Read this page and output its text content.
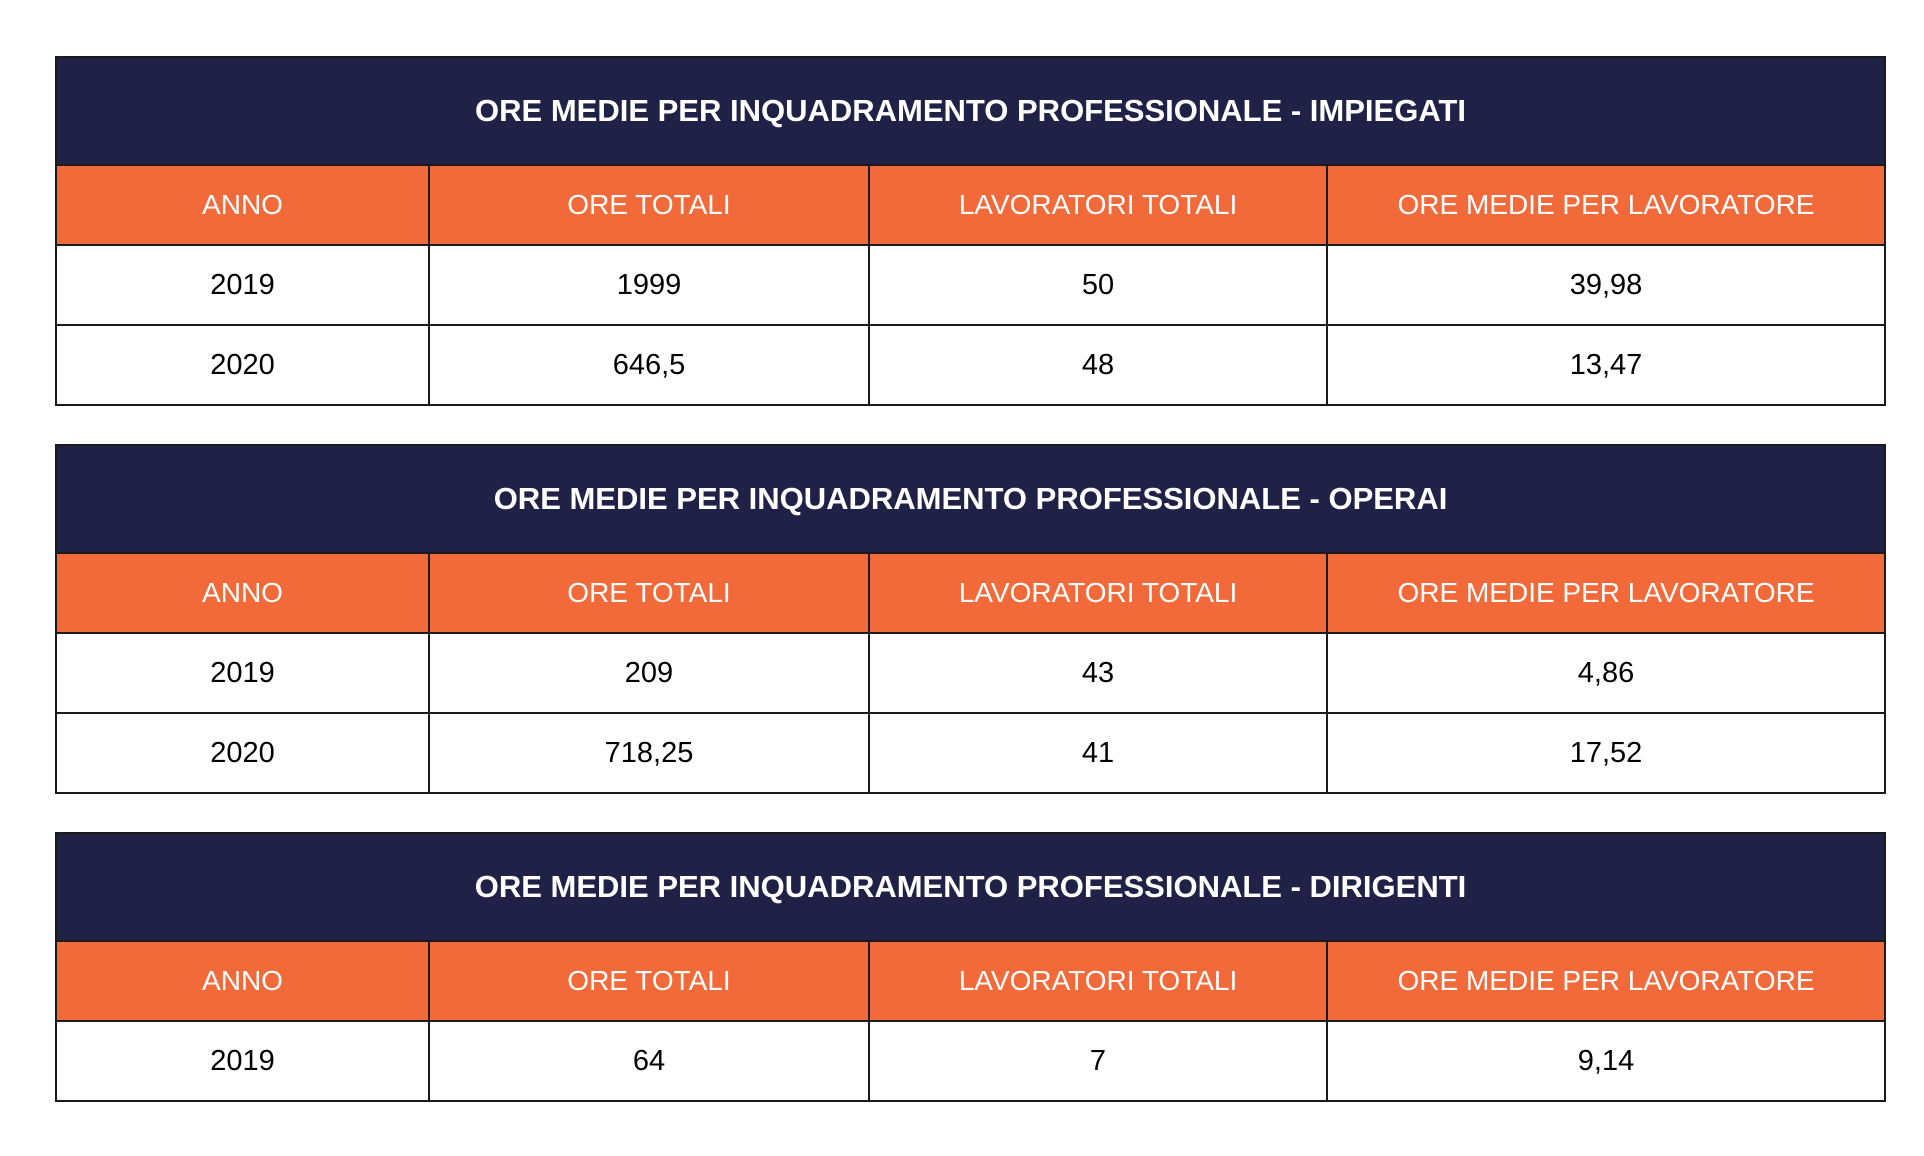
ORE MEDIE PER INQUADRAMENTO PROFESSIONALE - IMPIEGATI			
ANNO	ORE TOTALI	LAVORATORI TOTALI	ORE MEDIE PER LAVORATORE
2019	1999	50	39,98
2020	646,5	48	13,47
ORE MEDIE PER INQUADRAMENTO PROFESSIONALE - OPERAI			
ANNO	ORE TOTALI	LAVORATORI TOTALI	ORE MEDIE PER LAVORATORE
2019	209	43	4,86
2020	718,25	41	17,52
ORE MEDIE PER INQUADRAMENTO PROFESSIONALE - DIRIGENTI			
ANNO	ORE TOTALI	LAVORATORI TOTALI	ORE MEDIE PER LAVORATORE
2019	64	7	9,14
